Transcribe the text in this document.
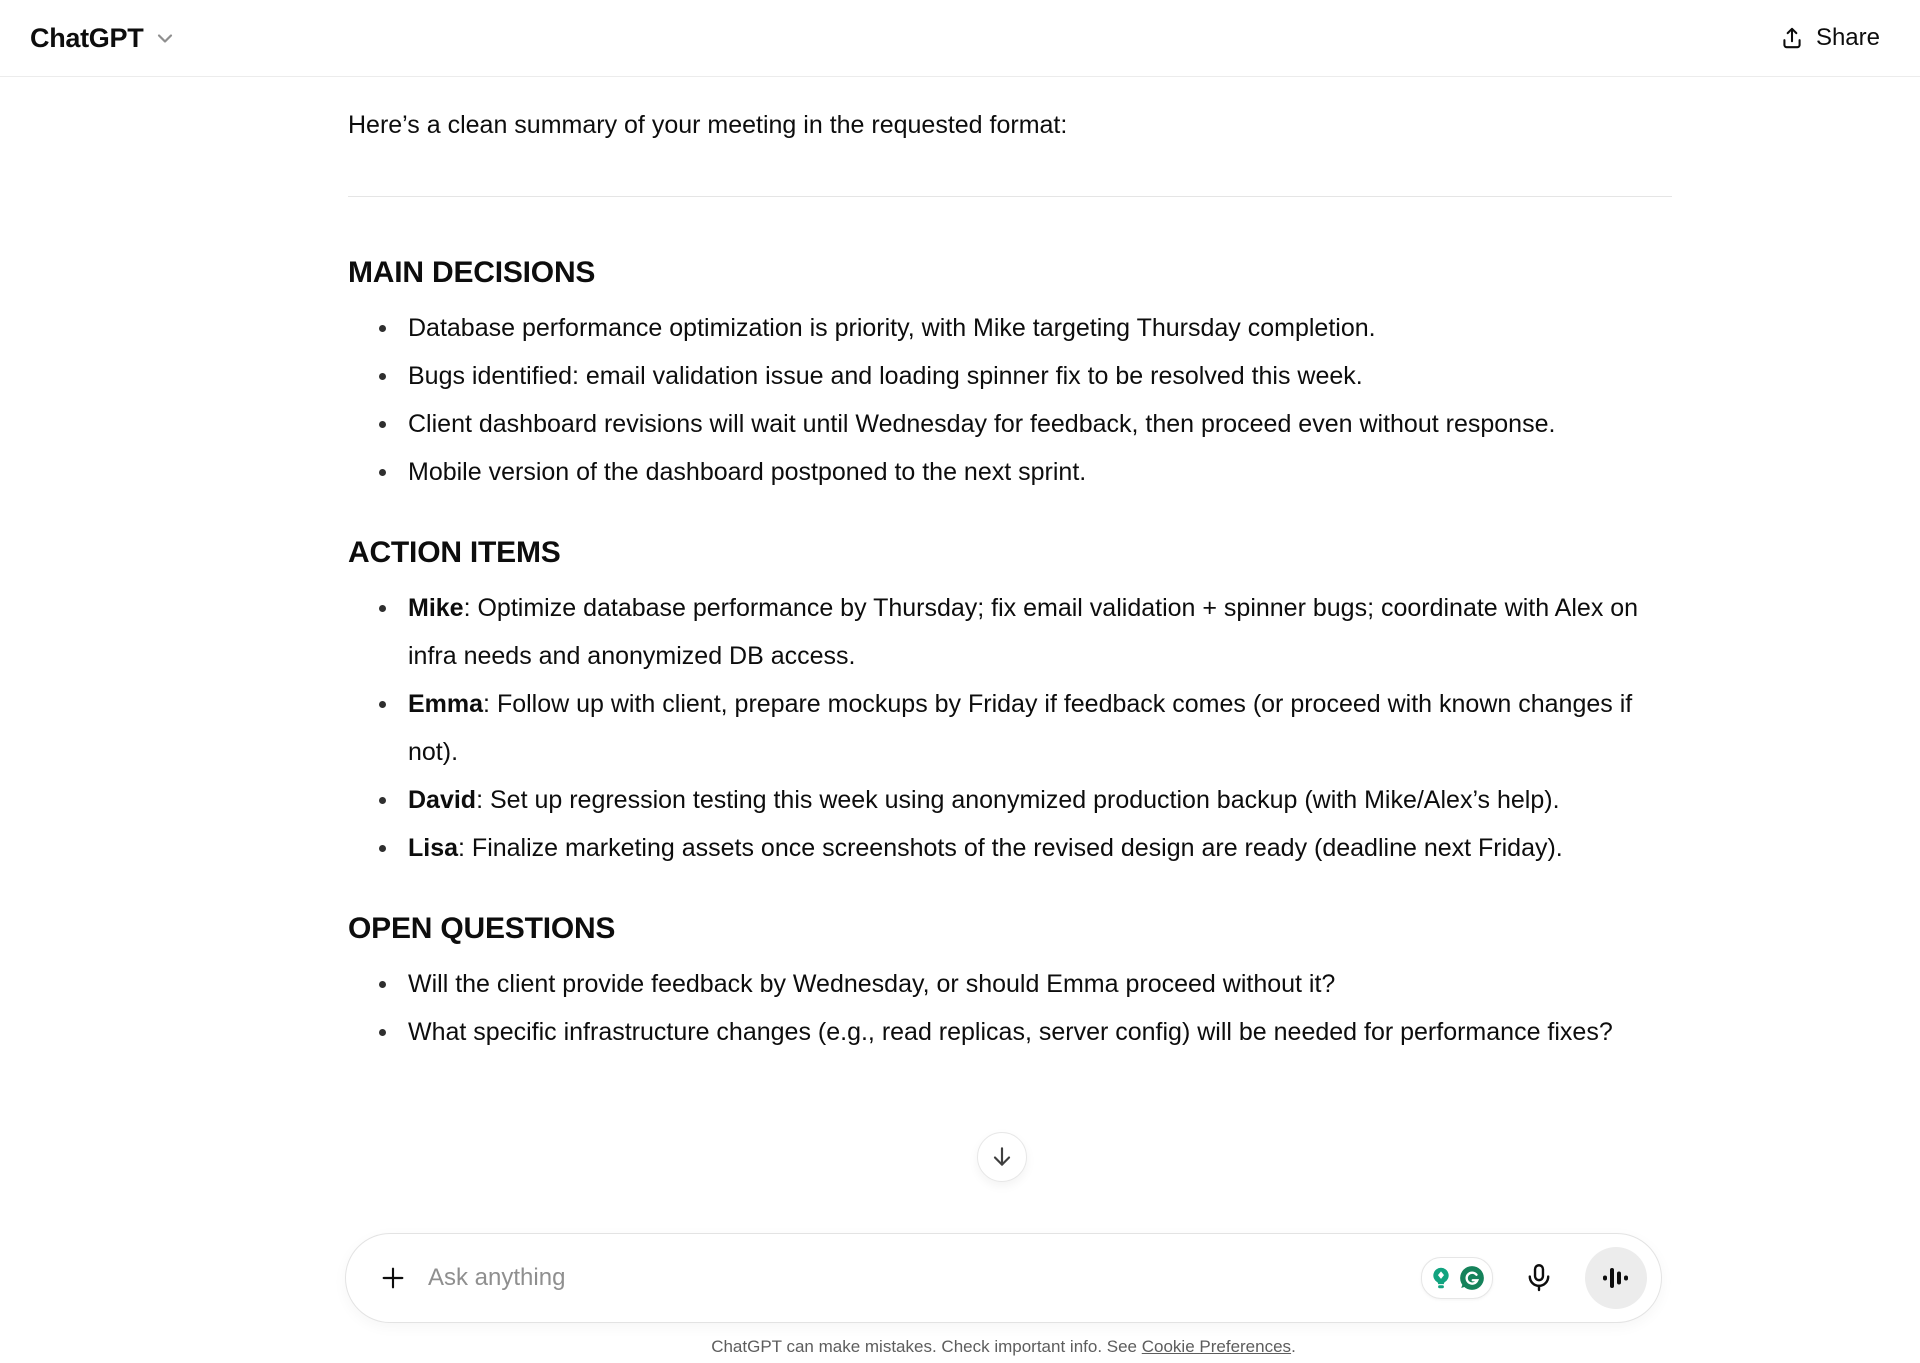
ChatGPT	Share

Here’s a clean summary of your meeting in the requested format:

MAIN DECISIONS
Database performance optimization is priority, with Mike targeting Thursday completion.
Bugs identified: email validation issue and loading spinner fix to be resolved this week.
Client dashboard revisions will wait until Wednesday for feedback, then proceed even without response.
Mobile version of the dashboard postponed to the next sprint.
ACTION ITEMS
Mike: Optimize database performance by Thursday; fix email validation + spinner bugs; coordinate with Alex on infra needs and anonymized DB access.
Emma: Follow up with client, prepare mockups by Friday if feedback comes (or proceed with known changes if not).
David: Set up regression testing this week using anonymized production backup (with Mike/Alex’s help).
Lisa: Finalize marketing assets once screenshots of the revised design are ready (deadline next Friday).
OPEN QUESTIONS
Will the client provide feedback by Wednesday, or should Emma proceed without it?
What specific infrastructure changes (e.g., read replicas, server config) will be needed for performance fixes?
Ask anything
ChatGPT can make mistakes. Check important info. See Cookie Preferences.
